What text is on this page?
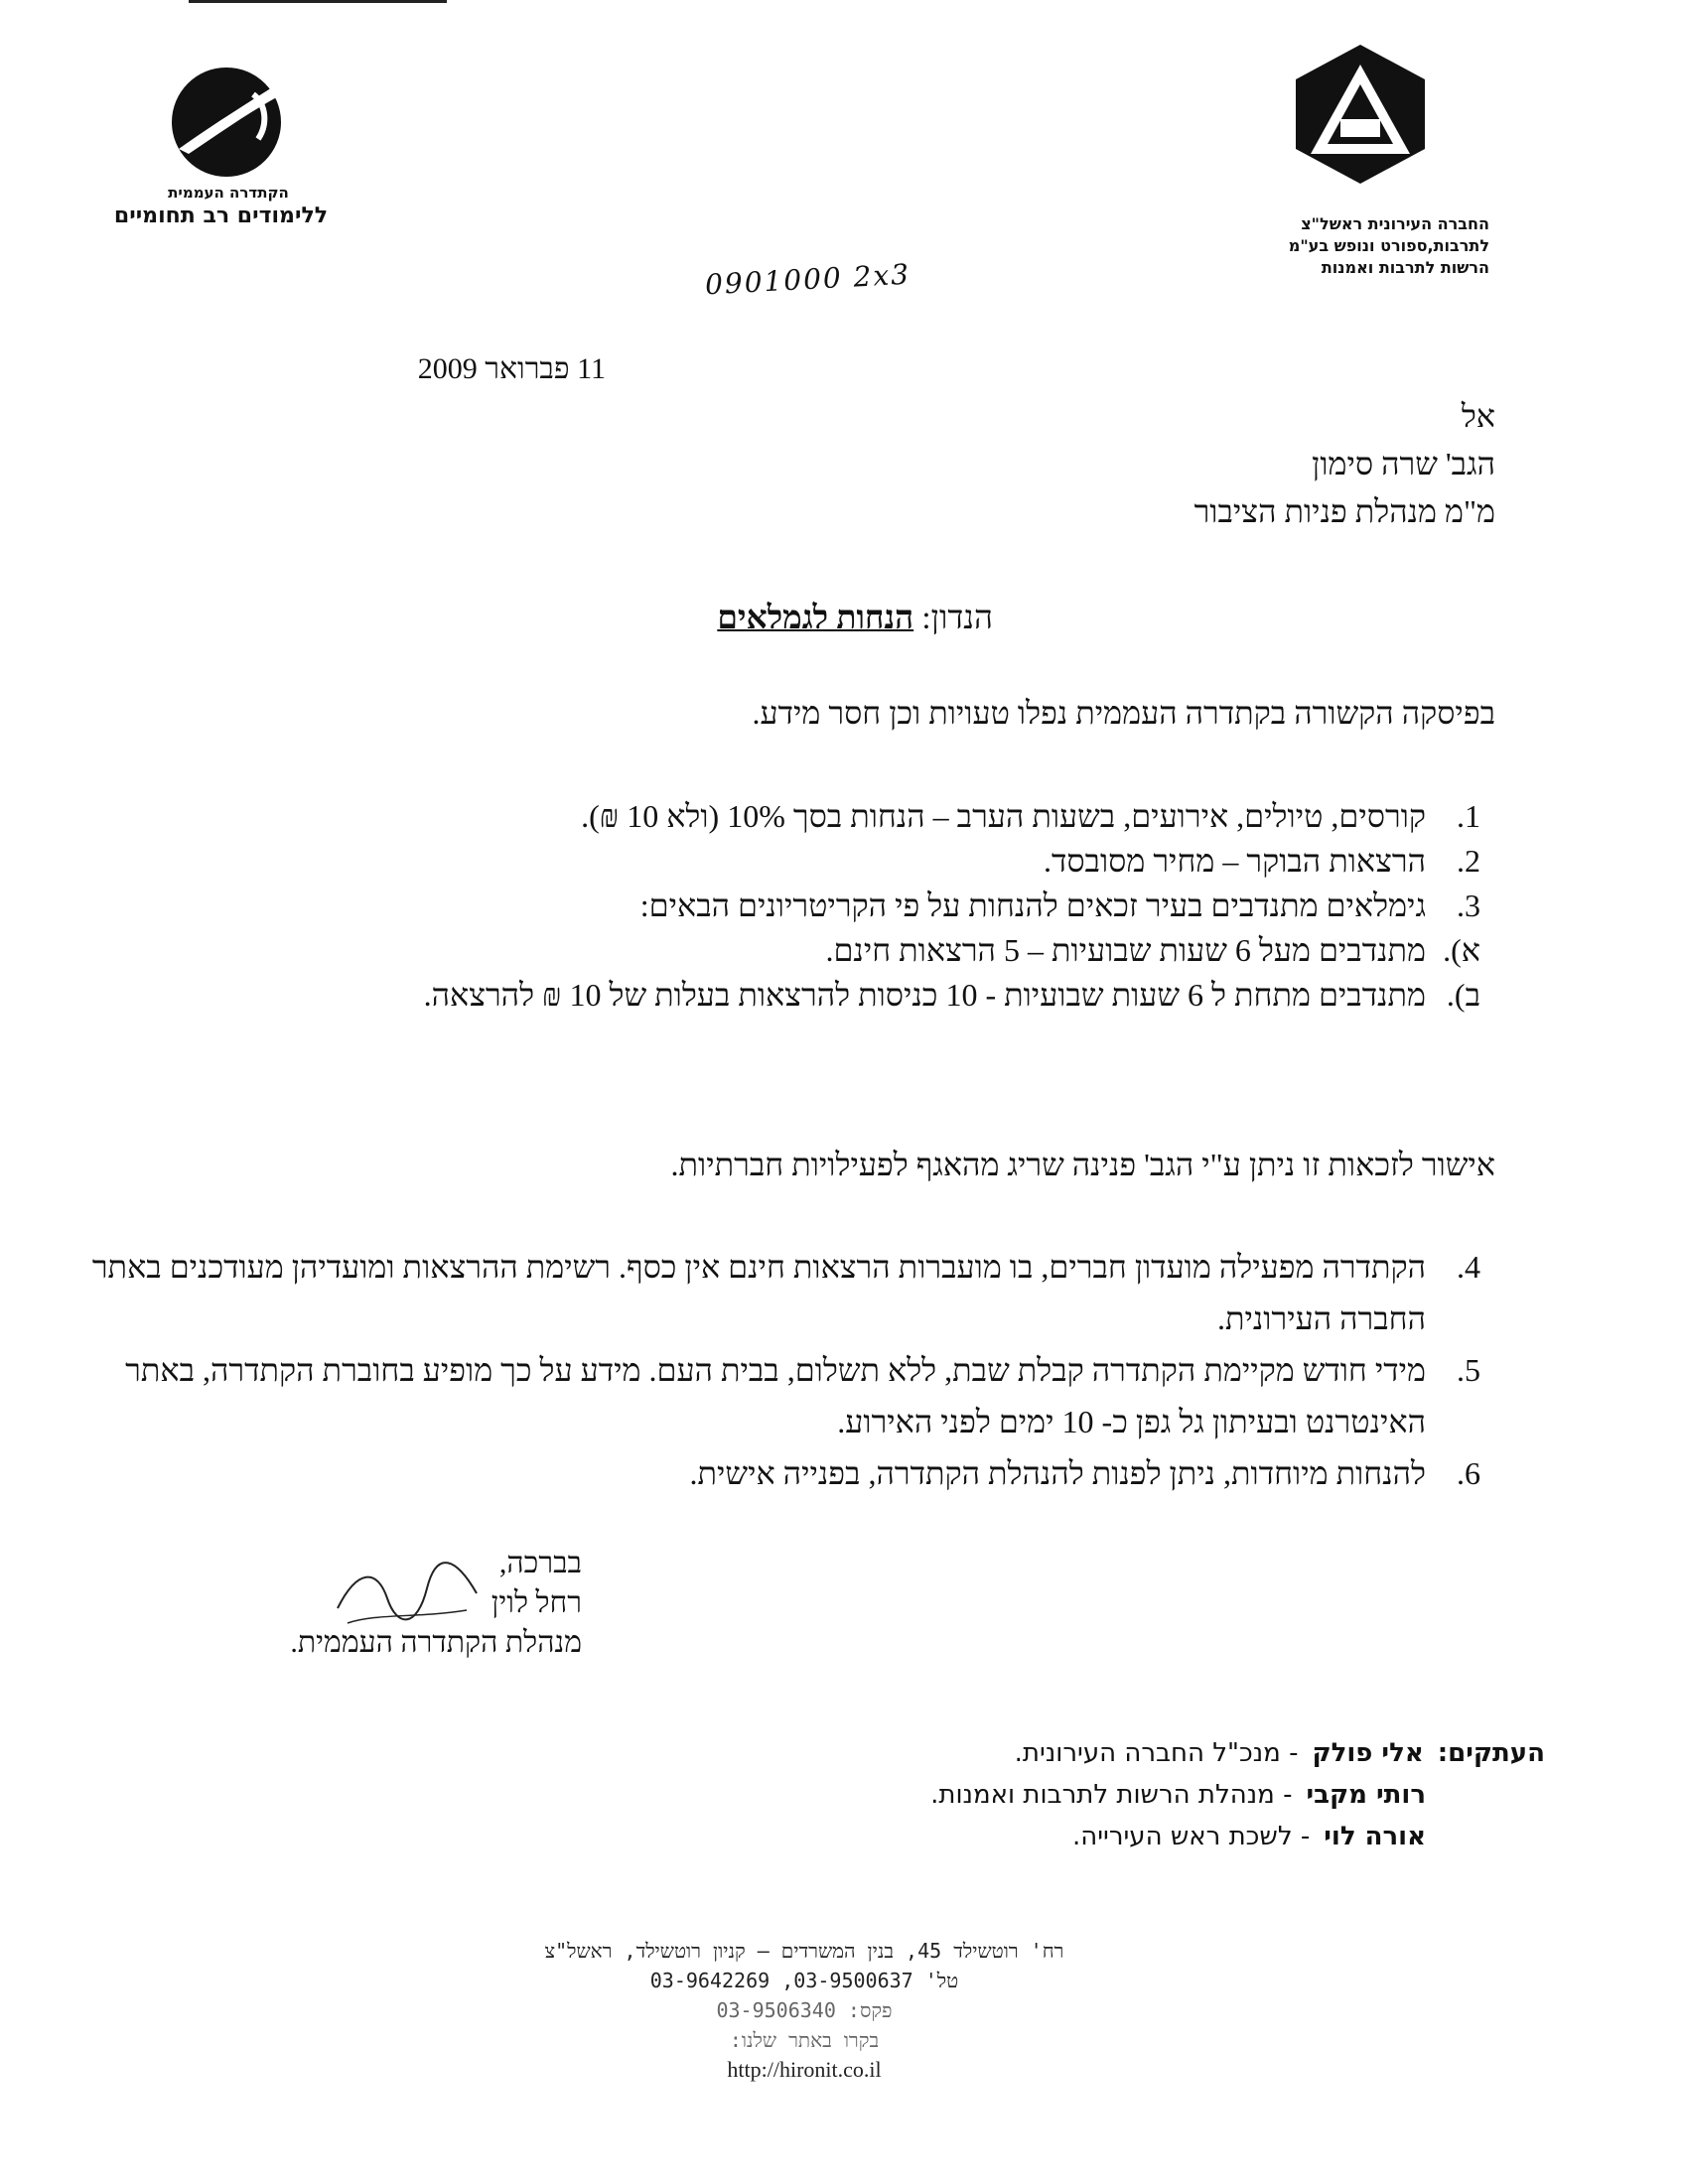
הקתדרה העממית
ללימודים רב תחומיים	החברה העירונית ראשל"צ
לתרבות,ספורט ונופש בע"מ
הרשות לתרבות ואמנות
0901000 2x3
11 פברואר 2009
אל
הגב' שרה סימון
מ"מ מנהלת פניות הציבור
הנדון: הנחות לגמלאים
בפיסקה הקשורה בקתדרה העממית נפלו טעויות וכן חסר מידע.
1.
קורסים, טיולים, אירועים, בשעות הערב – הנחות בסך 10% (ולא 10 ₪).
2.
הרצאות הבוקר – מחיר מסובסד.
3.
גימלאים מתנדבים בעיר זכאים להנחות על פי הקריטריונים הבאים:
א).
מתנדבים מעל 6 שעות שבועיות – 5 הרצאות חינם.
ב).
מתנדבים מתחת ל 6 שעות שבועיות - 10 כניסות להרצאות בעלות של 10 ₪ להרצאה.
אישור לזכאות זו ניתן ע"י הגב' פנינה שריג מהאגף לפעילויות חברתיות.
4.
הקתדרה מפעילה מועדון חברים, בו מועברות הרצאות חינם אין כסף. רשימת ההרצאות ומועדיהן מעודכנים באתר החברה העירונית.
5.
מידי חודש מקיימת הקתדרה קבלת שבת, ללא תשלום, בבית העם. מידע על כך מופיע בחוברת הקתדרה, באתר האינטרנט ובעיתון גל גפן כ- 10 ימים לפני האירוע.
6.
להנחות מיוחדות, ניתן לפנות להנהלת הקתדרה, בפנייה אישית.
בברכה,
רחל לוין
מנהלת הקתדרה העממית.
העתקים:
אלי פולק
- מנכ"ל החברה העירונית.
רותי מקבי
- מנהלת הרשות לתרבות ואמנות.
אורה לוי
- לשכת ראש העירייה.
רח' רוטשילד 45, בנין המשרדים – קניון רוטשילד, ראשל"צ
טל' 03-9500637, 03-9642269
פקס: 03-9506340
בקרו באתר שלנו:
http://hironit.co.il
